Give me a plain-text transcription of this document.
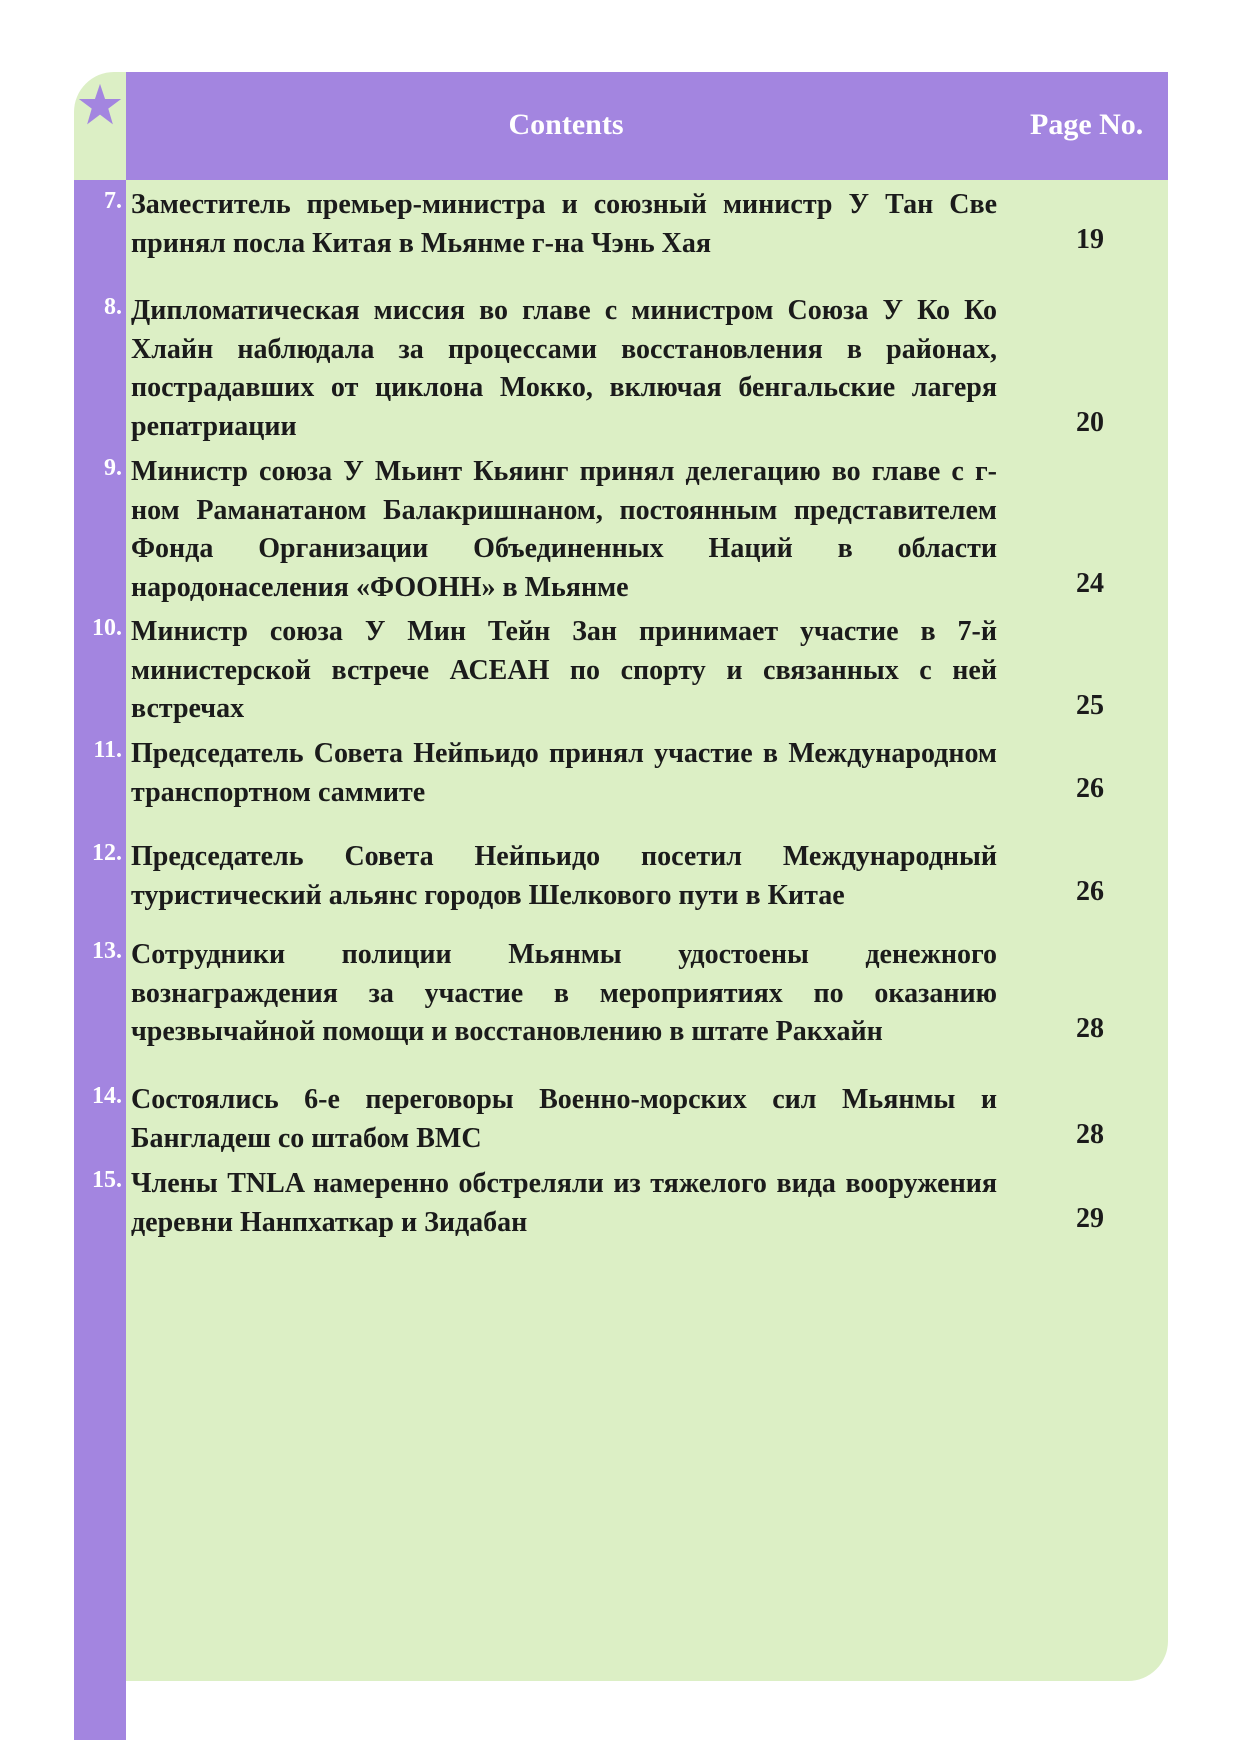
Contents	Page No.
7. Заместитель премьер-министра и союзный министр У Тан Све принял посла Китая в Мьянме г-на Чэнь Хая	19
8. Дипломатическая миссия во главе с министром Союза У Ко Ко Хлайн наблюдала за процессами восстановления в районах, пострадавших от циклона Мокко, включая бенгальские лагеря репатриации	20
9. Министр союза У Мьинт Кьяинг принял делегацию во главе с г-ном Раманатаном Балакришнаном, постоянным представителем Фонда Организации Объединенных Наций в области народонаселения «ФООНН» в Мьянме	24
10. Министр союза У Мин Тейн Зан принимает участие в 7-й министерской встрече АСЕАН по спорту и связанных с ней встречах	25
11. Председатель Совета Нейпьидо принял участие в Международном транспортном саммите	26
12. Председатель Совета Нейпьидо посетил Международный туристический альянс городов Шелкового пути в Китае	26
13. Сотрудники полиции Мьянмы удостоены денежного вознаграждения за участие в мероприятиях по оказанию чрезвычайной помощи и восстановлению в штате Ракхайн	28
14. Состоялись 6-е переговоры Военно-морских сил Мьянмы и Бангладеш со штабом ВМС	28
15. Члены TNLA намеренно обстреляли из тяжелого вида вооружения деревни Нанпхаткар и Зидабан	29
